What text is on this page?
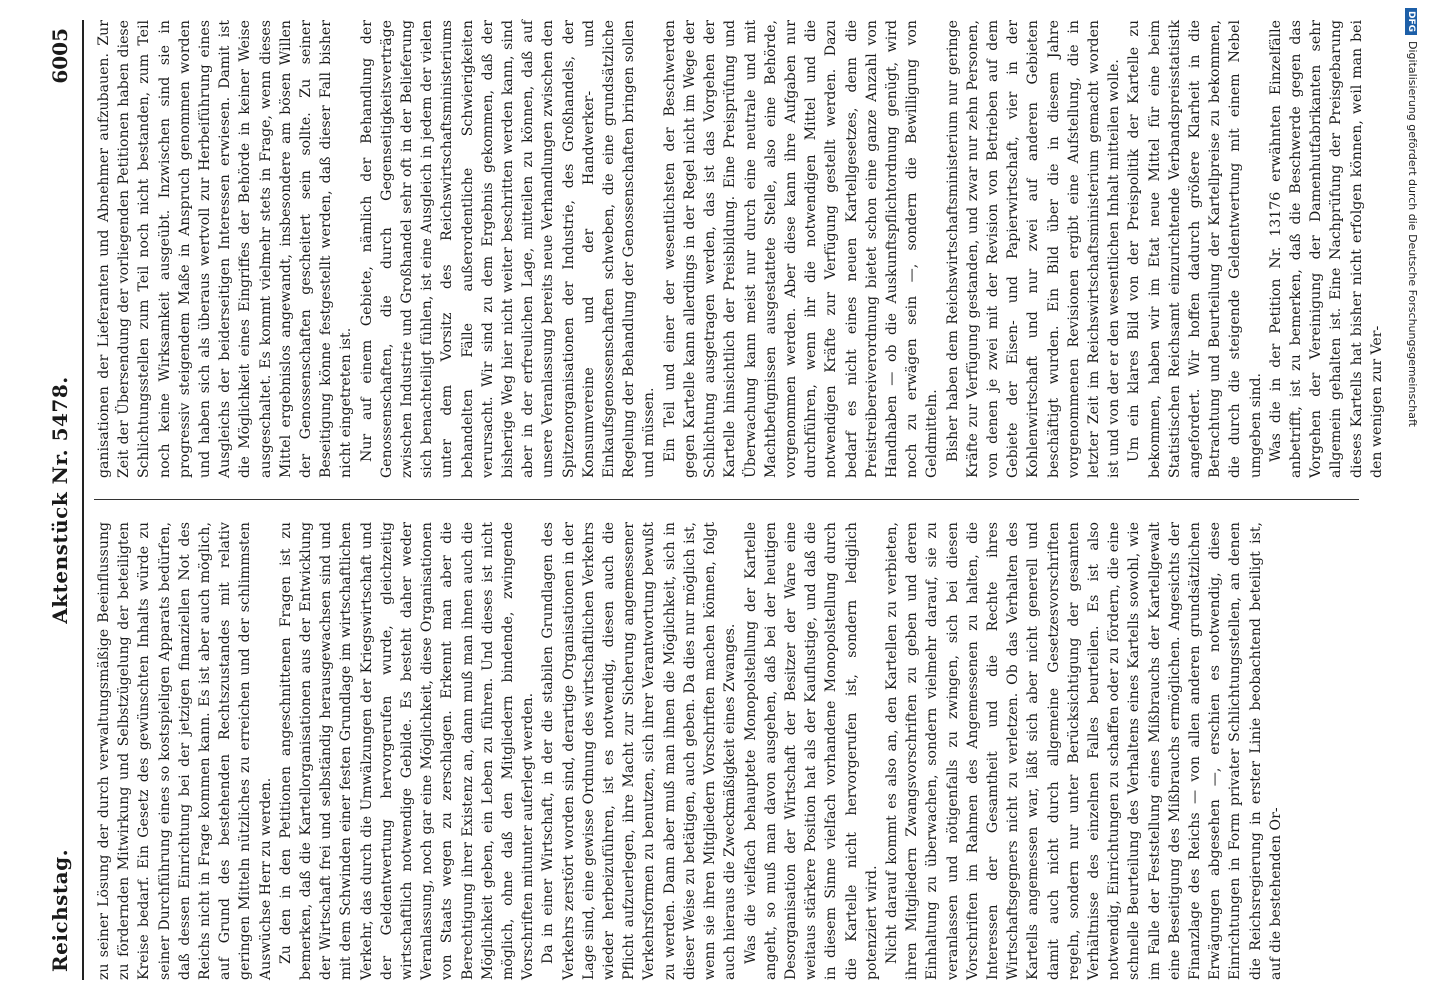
Reichstag.
Aktenstück Nr. 5478.
6005

zu seiner Lösung der durch verwaltungsmäßige Beeinflussung zu fördernden Mitwirkung und Selbstzügelung der beteiligten Kreise bedarf. Ein Gesetz des gewünschten Inhalts würde zu seiner Durchführung eines so kostspieligen Apparats bedürfen, daß dessen Einrichtung bei der jetzigen finanziellen Not des Reichs nicht in Frage kommen kann. Es ist aber auch möglich, auf Grund des bestehenden Rechtszustandes mit relativ geringen Mitteln nützliches zu erreichen und der schlimmsten Auswüchse Herr zu werden. Zu den in den Petitionen angeschnittenen Fragen ist zu bemerken, daß die Kartellorganisationen aus der Entwicklung der Wirtschaft frei und selbständig herausgewachsen sind und mit dem Schwinden einer festen Grundlage im wirtschaftlichen Verkehr, das durch die Umwälzungen der Kriegswirtschaft und der Geldentwertung hervorgerufen wurde, gleichzeitig wirtschaftlich notwendige Gebilde. Es besteht daher weder Veranlassung, noch gar eine Möglichkeit, diese Organisationen von Staats wegen zu zerschlagen. Erkennt man aber die Berechtigung ihrer Existenz an, dann muß man ihnen auch die Möglichkeit geben, ein Leben zu führen. Und dieses ist nicht möglich, ohne daß den Mitgliedern bindende, zwingende Vorschriften mitunter auferlegt werden. Da in einer Wirtschaft, in der die stabilen Grundlagen des Verkehrs zerstört worden sind, derartige Organisationen in der Lage sind, eine gewisse Ordnung des wirtschaftlichen Verkehrs wieder herbeizuführen, ist es notwendig, diesen auch die Pflicht aufzuerlegen, ihre Macht zur Sicherung angemessener Verkehrsformen zu benutzen, sich ihrer Verantwortung bewußt zu werden. Dann aber muß man ihnen die Möglichkeit, sich in dieser Weise zu betätigen, auch geben. Da dies nur möglich ist, wenn sie ihren Mitgliedern Vorschriften machen können, folgt auch hieraus die Zweckmäßigkeit eines Zwanges. Was die vielfach behauptete Monopolstellung der Kartelle angeht, so muß man davon ausgehen, daß bei der heutigen Desorganisation der Wirtschaft der Besitzer der Ware eine weitaus stärkere Position hat als der Kauflustige, und daß die in diesem Sinne vielfach vorhandene Monopolstellung durch die Kartelle nicht hervorgerufen ist, sondern lediglich potenziert wird. Nicht darauf kommt es also an, den Kartellen zu verbieten, ihren Mitgliedern Zwangsvorschriften zu geben und deren Einhaltung zu überwachen, sondern vielmehr darauf, sie zu veranlassen und nötigenfalls zu zwingen, sich bei diesen Vorschriften im Rahmen des Angemessenen zu halten, die Interessen der Gesamtheit und die Rechte ihres Wirtschaftsgegners nicht zu verletzen. Ob das Verhalten des Kartells angemessen war, läßt sich aber nicht generell und damit auch nicht durch allgemeine Gesetzesvorschriften regeln, sondern nur unter Berücksichtigung der gesamten Verhältnisse des einzelnen Falles beurteilen. Es ist also notwendig, Einrichtungen zu schaffen oder zu fördern, die eine schnelle Beurteilung des Verhaltens eines Kartells sowohl, wie im Falle der Feststellung eines Mißbrauchs der Kartellgewalt eine Beseitigung des Mißbrauchs ermöglichen. Angesichts der Finanzlage des Reichs — von allen anderen grundsätzlichen Erwägungen abgesehen —, erschien es notwendig, diese Einrichtungen in Form privater Schlichtungsstellen, an denen die Reichsregierung in erster Linie beobachtend beteiligt ist, auf die bestehenden Or-

ganisationen der Lieferanten und Abnehmer aufzubauen. Zur Zeit der Übersendung der vorliegenden Petitionen haben diese Schlichtungsstellen zum Teil noch nicht bestanden, zum Teil noch keine Wirksamkeit ausgeübt. Inzwischen sind sie in progressiv steigendem Maße in Anspruch genommen worden und haben sich als überaus wertvoll zur Herbeiführung eines Ausgleichs der beiderseitigen Interessen erwiesen. Damit ist die Möglichkeit eines Eingriffes der Behörde in keiner Weise ausgeschaltet. Es kommt vielmehr stets in Frage, wenn dieses Mittel ergebnislos angewandt, insbesondere am bösen Willen der Genossenschaften gescheitert sein sollte. Zu seiner Beseitigung könne festgestellt werden, daß dieser Fall bisher nicht eingetreten ist. Nur auf einem Gebiete, nämlich der Behandlung der Genossenschaften, die durch Gegenseitigkeitsverträge zwischen Industrie und Großhandel sehr oft in der Belieferung sich benachteiligt fühlen, ist eine Ausgleich in jedem der vielen unter dem Vorsitz des Reichswirtschaftsministeriums behandelten Fälle außerordentliche Schwierigkeiten verursacht. Wir sind zu dem Ergebnis gekommen, daß der bisherige Weg hier nicht weiter beschritten werden kann, sind aber in der erfreulichen Lage, mitteilen zu können, daß auf unsere Veranlassung bereits neue Verhandlungen zwischen den Spitzenorganisationen der Industrie, des Großhandels, der Konsumvereine und der Handwerker- und Einkaufsgenossenschaften schweben, die eine grundsätzliche Regelung der Behandlung der Genossenschaften bringen sollen und müssen. Ein Teil und einer der wesentlichsten der Beschwerden gegen Kartelle kann allerdings in der Regel nicht im Wege der Schlichtung ausgetragen werden, das ist das Vorgehen der Kartelle hinsichtlich der Preisbildung. Eine Preisprüfung und Überwachung kann meist nur durch eine neutrale und mit Machtbefugnissen ausgestattete Stelle, also eine Behörde, vorgenommen werden. Aber diese kann ihre Aufgaben nur durchführen, wenn ihr die notwendigen Mittel und die notwendigen Kräfte zur Verfügung gestellt werden. Dazu bedarf es nicht eines neuen Kartellgesetzes, denn die Preistreibereiverordnung bietet schon eine ganze Anzahl von Handhaben — ob die Auskunftspflichtordnung genügt, wird noch zu erwägen sein —, sondern die Bewilligung von Geldmitteln. Bisher haben dem Reichswirtschaftsministerium nur geringe Kräfte zur Verfügung gestanden, und zwar nur zehn Personen, von denen je zwei mit der Revision von Betrieben auf dem Gebiete der Eisen- und Papierwirtschaft, vier in der Kohlenwirtschaft und nur zwei auf anderen Gebieten beschäftigt wurden. Ein Bild über die in diesem Jahre vorgenommenen Revisionen ergibt eine Aufstellung, die in letzter Zeit im Reichswirtschaftsministerium gemacht worden ist und von der er den wesentlichen Inhalt mitteilen wolle. Um ein klares Bild von der Preispolitik der Kartelle zu bekommen, haben wir im Etat neue Mittel für eine beim Statistischen Reichsamt einzurichtende Verbandspreisstatistik angefordert. Wir hoffen dadurch größere Klarheit in die Betrachtung und Beurteilung der Kartellpreise zu bekommen, die durch die steigende Geldentwertung mit einem Nebel umgeben sind. Was die in der Petition Nr. 13176 erwähnten Einzelfälle anbetrifft, ist zu bemerken, daß die Beschwerde gegen das Vorgehen der Vereinigung der Damenhutfabrikanten sehr allgemein gehalten ist. Eine Nachprüfung der Preisgebarung dieses Kartells hat bisher nicht erfolgen können, weil man bei den wenigen zur Ver-

DFGDigitalisierung gefördert durch die Deutsche Forschungsgemeinschaft
